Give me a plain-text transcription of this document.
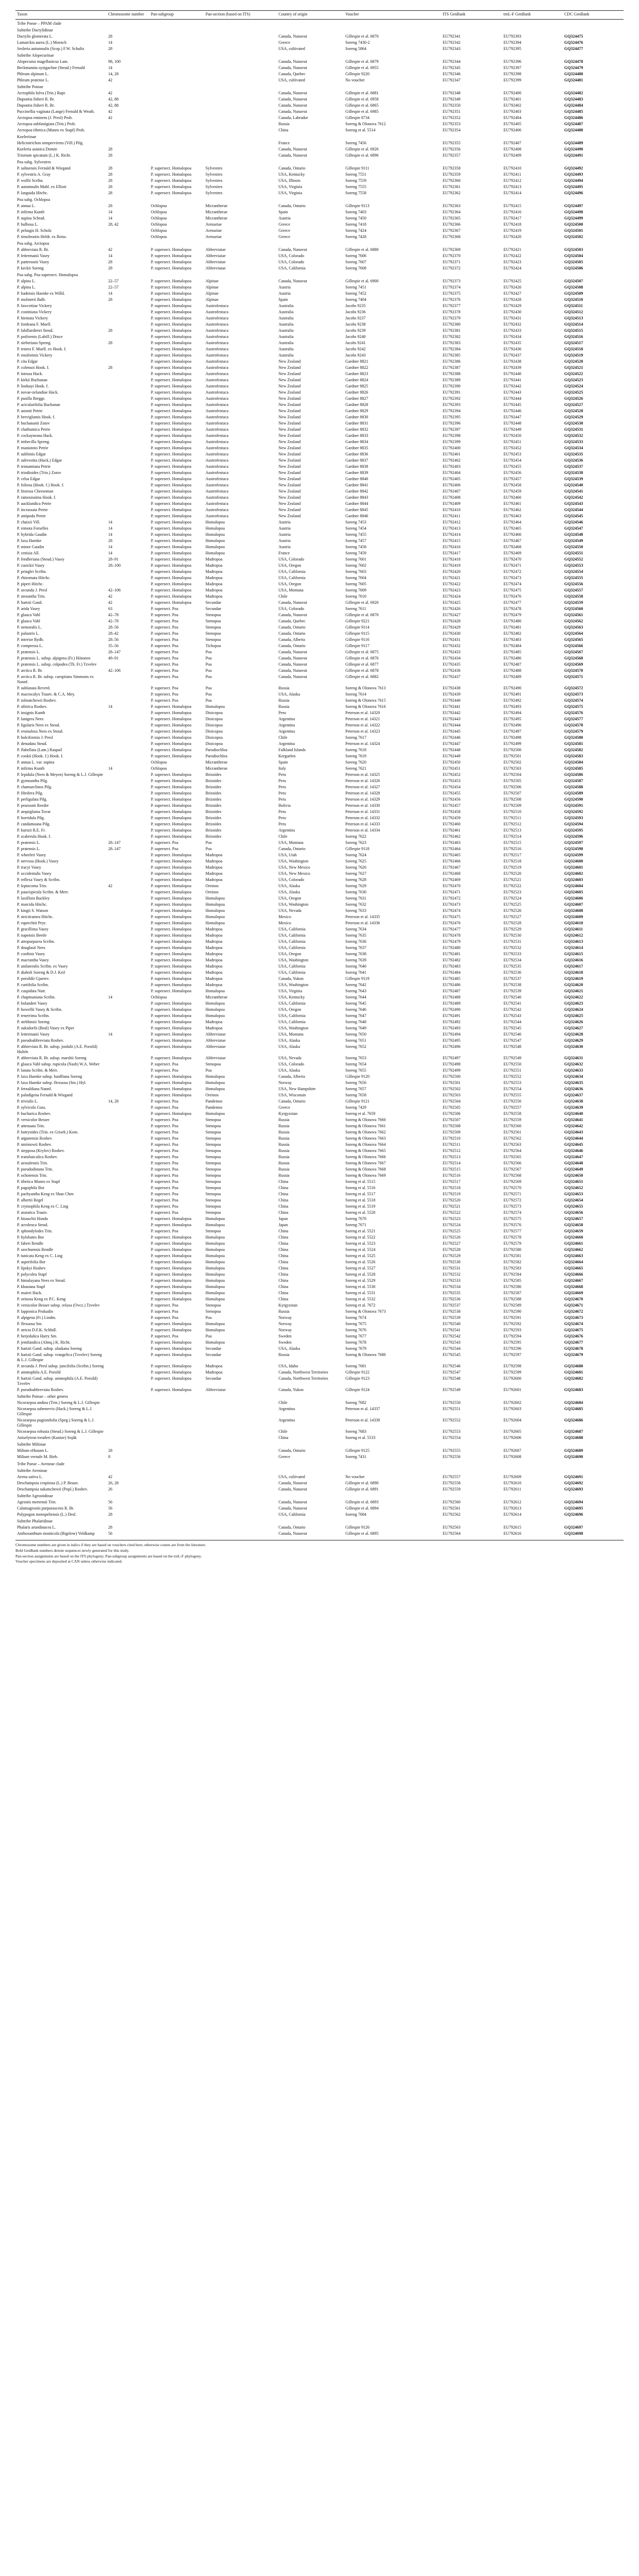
Taxon	Chromosome number	Pan-subgroup	Pan-section (based on ITS)	Country of origin	Voucher	ITS GenBank	trnL-F GenBank	CDC GenBank
Tribe Poeae – PPAM clade								
Subtribe Dactylidinae								
Dactylis glomerata L.	28			Canada, Nunavut	Gillespie et al. 6870	EU792341	EU792393	GQ324475
Lamarckia aurea (L.) Moench	14			Greece	Soreng 7430-2	EU792342	EU792394	GQ324476
Sesleria autumnalis (Scop.) F.W. Schultz	28			USA, cultivated	Soreng 5864	EU792343	EU792395	GQ324477
Subtribe Alopecurinae								
Alopecurus magellanicus Lam.	98, 100			Canada, Nunavut	Gillespie et al. 6879	EU792344	EU792396	GQ324478
Beckmannia syzigachne (Steud.) Fernald	14			Canada, Nunavut	Gillespie et al. 6955	EU792345	EU792397	GQ324479
Phleum alpinum L.	14, 28			Canada, Quebec	Gillespie 9220	EU792346	EU792398	GQ324480
Phleum pratense L.	42			USA, cultivated	No voucher	EU792347	EU792399	GQ324481
Subtribe Poinae								
Arctophila fulva (Trin.) Rupr.	42			Canada, Nunavut	Gillespie et al. 6881	EU792348	EU792400	GQ324482
Dupontia fisheri R. Br.	42, 88			Canada, Nunavut	Gillespie et al. 6958	EU792349	EU792401	GQ324483
Dupontia fisheri R. Br.	42, 88			Canada, Nunavut	Gillespie et al. 6865	EU792350	EU792402	GQ324484
Puccinellia vaginata (Lange) Fernald & Weath.	42			Canada, Nunavut	Gillespie et al. 6985	EU792351	EU792403	GQ324485
Arctopoa eminens (J. Presl) Prob.	42			Canada, Labrador	Gillespie 8734	EU792352	EU792404	GQ324486
Arctopoa subfastigiata (Trin.) Prob.				Russia	Soreng & Olonova 7612	EU792353	EU792405	GQ324487
Arctopoa tibetica (Munro ex Stapf) Prob.				China	Soreng et al. 5514	EU792354	EU792406	GQ324488
Koeleriinae								
Helictotrichon sempervirens (Vill.) Pilg.				France	Soreng 7456	EU792355	EU792407	GQ324489
Koeleria asiatica Domin	28			Canada, Nunavut	Gillespie et al. 6926	EU792356	EU792408	GQ324490
Trisetum spicatum (L.) K. Richt.	28			Canada, Nunavut	Gillespie et al. 6896	EU792357	EU792409	GQ324491
Poa subg. Sylvestres								
P. saltuensis Fernald & Wiegand	28	P. supersect. Homalopoa	Sylvestres	Canada, Ontario	Gillespie 9111	EU792358	EU792410	GQ324492
P. sylvestris A. Gray	28	P. supersect. Homalopoa	Sylvestres	USA, Kentucky	Soreng 7551	EU792359	EU792411	GQ324493
P. wolfii Scribn.	28	P. supersect. Homalopoa	Sylvestres	USA, Illinois	Soreng 7559	EU792360	EU792412	GQ324494
P. autumnalis Muhl. ex Elliott	28	P. supersect. Homalopoa	Sylvestres	USA, Virginia	Soreng 7555	EU792361	EU792413	GQ324495
P. languida Hitchc.	28	P. supersect. Homalopoa	Sylvestres	USA, Virginia	Soreng 7558	EU792362	EU792414	GQ324496
Poa subg. Ochlopoa								
P. annua L.	28	Ochlopoa	Micrantherae	Canada, Ontario	Gillespie 9113	EU792363	EU792415	GQ324497
P. infirma Kunth	14	Ochlopoa	Micrantherae	Spain	Soreng 7403	EU792364	EU792416	GQ324498
P. supina Schrad.	14	Ochlopoa	Micrantherae	Austria	Soreng 7450	EU792365	EU792417	GQ324499
P. bulbosa L.	28, 42	Ochlopoa	Arenariae	Greece	Soreng 7418	EU792366	EU792418	GQ324500
P. pelasgis H. Scholz		Ochlopoa	Arenariae	Greece	Soreng 7424	EU792367	EU792419	GQ324501
P. timoleontis Heldr. ex Boiss.		Ochlopoa	Arenariae	Greece	Soreng 7428	EU792368	EU792420	GQ324502
Poa subg. Arctopoa								
P. abbreviata R. Br.	42	P. supersect. Homalopoa	Abbreviatae	Canada, Nunavut	Gillespie et al. 6880	EU792369	EU792421	GQ324503
P. lettermanii Vasey	14	P. supersect. Homalopoa	Abbreviatae	USA, Colorado	Soreng 7606	EU792370	EU792422	GQ324504
P. pattersonii Vasey	28	P. supersect. Homalopoa	Abbreviatae	USA, Colorado	Soreng 7607	EU792371	EU792423	GQ324505
P. keckii Soreng	28	P. supersect. Homalopoa	Abbreviatae	USA, California	Soreng 7608	EU792372	EU792424	GQ324506
Poa subg. Poa supersect. Homalopoa								
P. alpina L.	22–57	P. supersect. Homalopoa	Alpinae	Canada, Nunavut	Gillespie et al. 6900	EU792373	EU792425	GQ324507
P. alpina L.	22–57	P. supersect. Homalopoa	Alpinae	Austria	Soreng 7451	EU792374	EU792426	GQ324508
P. badensis Haenke ex Willd.	14	P. supersect. Homalopoa	Alpinae	Austria	Soreng 7452	EU792375	EU792427	GQ324509
P. molinerii Balb.	28	P. supersect. Homalopoa	Alpinae	Spain	Soreng 7404	EU792376	EU792428	GQ324510
P. fawcettiae Vickery		P. supersect. Homalopoa	Austrofestuca	Australia	Jacobs 9235	EU792377	EU792429	GQ324511
P. costiniana Vickery		P. supersect. Homalopoa	Austrofestuca	Australia	Jacobs 9236	EU792378	EU792430	GQ324512
P. hiemata Vickery		P. supersect. Homalopoa	Austrofestuca	Australia	Jacobs 9237	EU792379	EU792431	GQ324513
P. fordeana F. Muell.		P. supersect. Homalopoa	Austrofestuca	Australia	Jacobs 9238	EU792380	EU792432	GQ324514
P. labillardierei Steud.	28	P. supersect. Homalopoa	Austrofestuca	Australia	Jacobs 9239	EU792381	EU792433	GQ324515
P. poiformis (Labill.) Druce		P. supersect. Homalopoa	Austrofestuca	Australia	Jacobs 9240	EU792382	EU792434	GQ324516
P. sieberiana Spreng.	28	P. supersect. Homalopoa	Austrofestuca	Australia	Jacobs 9241	EU792383	EU792435	GQ324517
P. tenera F. Muell. ex Hook. f.		P. supersect. Homalopoa	Austrofestuca	Australia	Jacobs 9242	EU792384	EU792436	GQ324518
P. ensiformis Vickery		P. supersect. Homalopoa	Austrofestuca	Australia	Jacobs 9243	EU792385	EU792437	GQ324519
P. cita Edgar		P. supersect. Homalopoa	Austrofestuca	New Zealand	Gardner 8821	EU792386	EU792438	GQ324520
P. colensoi Hook. f.	28	P. supersect. Homalopoa	Austrofestuca	New Zealand	Gardner 8822	EU792387	EU792439	GQ324521
P. intrusa Hack.		P. supersect. Homalopoa	Austrofestuca	New Zealand	Gardner 8823	EU792388	EU792440	GQ324522
P. kirkii Buchanan		P. supersect. Homalopoa	Austrofestuca	New Zealand	Gardner 8824	EU792389	EU792441	GQ324523
P. lindsayi Hook. f.		P. supersect. Homalopoa	Austrofestuca	New Zealand	Gardner 8825	EU792390	EU792442	GQ324524
P. novae-zelandiae Hack.		P. supersect. Homalopoa	Austrofestuca	New Zealand	Gardner 8826	EU792391	EU792443	GQ324525
P. pusilla Berggr.		P. supersect. Homalopoa	Austrofestuca	New Zealand	Gardner 8827	EU792392	EU792444	GQ324526
P. acicularifolia Buchanan		P. supersect. Homalopoa	Austrofestuca	New Zealand	Gardner 8828	EU792393	EU792445	GQ324527
P. astonii Petrie		P. supersect. Homalopoa	Austrofestuca	New Zealand	Gardner 8829	EU792394	EU792446	GQ324528
P. breviglumis Hook. f.		P. supersect. Homalopoa	Austrofestuca	New Zealand	Gardner 8830	EU792395	EU792447	GQ324529
P. buchananii Zotov		P. supersect. Homalopoa	Austrofestuca	New Zealand	Gardner 8831	EU792396	EU792448	GQ324530
P. chathamica Petrie		P. supersect. Homalopoa	Austrofestuca	New Zealand	Gardner 8832	EU792397	EU792449	GQ324531
P. cockayneana Hack.		P. supersect. Homalopoa	Austrofestuca	New Zealand	Gardner 8833	EU792398	EU792450	GQ324532
P. imbecilla Spreng.		P. supersect. Homalopoa	Austrofestuca	New Zealand	Gardner 8834	EU792399	EU792451	GQ324533
P. maniototo Petrie		P. supersect. Homalopoa	Austrofestuca	New Zealand	Gardner 8835	EU792400	EU792452	GQ324534
P. sublimis Edgar		P. supersect. Homalopoa	Austrofestuca	New Zealand	Gardner 8836	EU792401	EU792453	GQ324535
P. subvestita (Hack.) Edgar		P. supersect. Homalopoa	Austrofestuca	New Zealand	Gardner 8837	EU792402	EU792454	GQ324536
P. tennantiana Petrie		P. supersect. Homalopoa	Austrofestuca	New Zealand	Gardner 8838	EU792403	EU792455	GQ324537
P. triodioides (Trin.) Zotov		P. supersect. Homalopoa	Austrofestuca	New Zealand	Gardner 8839	EU792404	EU792456	GQ324538
P. celsa Edgar		P. supersect. Homalopoa	Austrofestuca	New Zealand	Gardner 8840	EU792405	EU792457	GQ324539
P. foliosa (Hook. f.) Hook. f.		P. supersect. Homalopoa	Austrofestuca	New Zealand	Gardner 8841	EU792406	EU792458	GQ324540
P. litorosa Cheeseman		P. supersect. Homalopoa	Austrofestuca	New Zealand	Gardner 8842	EU792407	EU792459	GQ324541
P. ramosissima Hook. f.		P. supersect. Homalopoa	Austrofestuca	New Zealand	Gardner 8843	EU792408	EU792460	GQ324542
P. aucklandica Petrie		P. supersect. Homalopoa	Austrofestuca	New Zealand	Gardner 8844	EU792409	EU792461	GQ324543
P. incrassata Petrie		P. supersect. Homalopoa	Austrofestuca	New Zealand	Gardner 8845	EU792410	EU792462	GQ324544
P. antipoda Petrie		P. supersect. Homalopoa	Austrofestuca	New Zealand	Gardner 8846	EU792411	EU792463	GQ324545
P. chaixii Vill.	14	P. supersect. Homalopoa	Homalopoa	Austria	Soreng 7453	EU792412	EU792464	GQ324546
P. remota Forselles	14	P. supersect. Homalopoa	Homalopoa	Austria	Soreng 7454	EU792413	EU792465	GQ324547
P. hybrida Gaudin	14	P. supersect. Homalopoa	Homalopoa	Austria	Soreng 7455	EU792414	EU792466	GQ324548
P. laxa Haenke	28	P. supersect. Homalopoa	Homalopoa	Austria	Soreng 7457	EU792415	EU792467	GQ324549
P. minor Gaudin	14	P. supersect. Homalopoa	Homalopoa	Austria	Soreng 7458	EU792416	EU792468	GQ324550
P. cenisia All.	14	P. supersect. Homalopoa	Homalopoa	France	Soreng 7459	EU792417	EU792469	GQ324551
P. fendleriana (Steud.) Vasey	28–91	P. supersect. Homalopoa	Madropoa	USA, Colorado	Soreng 7601	EU792418	EU792470	GQ324552
P. cusickii Vasey	28–100	P. supersect. Homalopoa	Madropoa	USA, Oregon	Soreng 7602	EU792419	EU792471	GQ324553
P. pringlei Scribn.		P. supersect. Homalopoa	Madropoa	USA, California	Soreng 7603	EU792420	EU792472	GQ324554
P. rhizomata Hitchc.		P. supersect. Homalopoa	Madropoa	USA, California	Soreng 7604	EU792421	EU792473	GQ324555
P. piperi Hitchc.		P. supersect. Homalopoa	Madropoa	USA, Oregon	Soreng 7605	EU792422	EU792474	GQ324556
P. secunda J. Presl	42–106	P. supersect. Homalopoa	Madropoa	USA, Montana	Soreng 7609	EU792423	EU792475	GQ324557
P. stenantha Trin.	42	P. supersect. Homalopoa	Madropoa	Chile	Soreng 7610	EU792424	EU792476	GQ324558
P. hartzii Gand.	42	P. supersect. Homalopoa	Secundae	Canada, Nunavut	Gillespie et al. 6920	EU792425	EU792477	GQ324559
P. arida Vasey	63	P. supersect. Poa	Secundae	USA, Colorado	Soreng 7611	EU792426	EU792478	GQ324560
P. glauca Vahl	42–78	P. supersect. Poa	Stenopoa	Canada, Nunavut	Gillespie et al. 6870	EU792427	EU792479	GQ324561
P. glauca Vahl	42–78	P. supersect. Poa	Stenopoa	Canada, Quebec	Gillespie 9221	EU792428	EU792480	GQ324562
P. nemoralis L.	28–56	P. supersect. Poa	Stenopoa	Canada, Ontario	Gillespie 9114	EU792429	EU792481	GQ324563
P. palustris L.	28–42	P. supersect. Poa	Stenopoa	Canada, Ontario	Gillespie 9115	EU792430	EU792482	GQ324564
P. interior Rydb.	28–56	P. supersect. Poa	Stenopoa	Canada, Alberta	Gillespie 9116	EU792431	EU792483	GQ324565
P. compressa L.	35–56	P. supersect. Poa	Tichopoa	Canada, Ontario	Gillespie 9117	EU792432	EU792484	GQ324566
P. pratensis L.	28–147	P. supersect. Poa	Poa	Canada, Nunavut	Gillespie et al. 6875	EU792433	EU792485	GQ324567
P. pratensis L. subsp. alpigena (Fr.) Hiitonen	49–91	P. supersect. Poa	Poa	Canada, Nunavut	Gillespie et al. 6876	EU792434	EU792486	GQ324568
P. pratensis L. subsp. colpodea (Th. Fr.) Tzvelev		P. supersect. Poa	Poa	Canada, Nunavut	Gillespie et al. 6877	EU792435	EU792487	GQ324569
P. arctica R. Br.	42–106	P. supersect. Poa	Poa	Canada, Nunavut	Gillespie et al. 6878	EU792436	EU792488	GQ324570
P. arctica R. Br. subsp. caespitans Simmons ex Nannf.		P. supersect. Poa	Poa	Canada, Nunavut	Gillespie et al. 6882	EU792437	EU792489	GQ324571
P. sublanata Reverd.		P. supersect. Poa	Poa	Russia	Soreng & Olonova 7613	EU792438	EU792490	GQ324572
P. macrocalyx Trautv. & C.A. Mey.		P. supersect. Poa	Poa	USA, Alaska	Soreng 7614	EU792439	EU792491	GQ324573
P. tolmatchewii Roshev.		P. supersect. Poa	Poa	Russia	Soreng & Olonova 7615	EU792440	EU792492	GQ324574
P. sibirica Roshev.	14	P. supersect. Homalopoa	Homalopoa	Russia	Soreng & Olonova 7616	EU792441	EU792493	GQ324575
P. insignis Kunth		P. supersect. Homalopoa	Dioicopoa	Peru	Peterson et al. 14320	EU792442	EU792494	GQ324576
P. lanigera Nees		P. supersect. Homalopoa	Dioicopoa	Argentina	Peterson et al. 14321	EU792443	EU792495	GQ324577
P. ligularis Nees ex Steud.		P. supersect. Homalopoa	Dioicopoa	Argentina	Peterson et al. 14322	EU792444	EU792496	GQ324578
P. resinulosa Nees ex Steud.		P. supersect. Homalopoa	Dioicopoa	Argentina	Peterson et al. 14323	EU792445	EU792497	GQ324579
P. holciformis J. Presl		P. supersect. Homalopoa	Dioicopoa	Chile	Soreng 7617	EU792446	EU792498	GQ324580
P. denudata Steud.		P. supersect. Homalopoa	Dioicopoa	Argentina	Peterson et al. 14324	EU792447	EU792499	GQ324581
P. flabellata (Lam.) Raspail		P. supersect. Homalopoa	Parodiochloa	Falkland Islands	Soreng 7618	EU792448	EU792500	GQ324582
P. cookii (Hook. f.) Hook. f.		P. supersect. Homalopoa	Parodiochloa	Kerguelen	Soreng 7619	EU792449	EU792501	GQ324583
P. annua L. var. supina		Ochlopoa	Micrantherae	Spain	Soreng 7620	EU792450	EU792502	GQ324584
P. infirma Kunth	14	Ochlopoa	Micrantherae	Italy	Soreng 7621	EU792451	EU792503	GQ324585
P. lepidula (Nees & Meyen) Soreng & L.J. Gillespie		P. supersect. Homalopoa	Brizoides	Peru	Peterson et al. 14325	EU792452	EU792504	GQ324586
P. gymnantha Pilg.		P. supersect. Homalopoa	Brizoides	Peru	Peterson et al. 14326	EU792453	EU792505	GQ324587
P. chamaeclinos Pilg.		P. supersect. Homalopoa	Brizoides	Peru	Peterson et al. 14327	EU792454	EU792506	GQ324588
P. fibrifera Pilg.		P. supersect. Homalopoa	Brizoides	Peru	Peterson et al. 14328	EU792455	EU792507	GQ324589
P. perligulata Pilg.		P. supersect. Homalopoa	Brizoides	Peru	Peterson et al. 14329	EU792456	EU792508	GQ324590
P. pearsonii Reeder		P. supersect. Homalopoa	Brizoides	Bolivia	Peterson et al. 14330	EU792457	EU792509	GQ324591
P. aequigluma Tovar		P. supersect. Homalopoa	Brizoides	Peru	Peterson et al. 14331	EU792458	EU792510	GQ324592
P. horridula Pilg.		P. supersect. Homalopoa	Brizoides	Peru	Peterson et al. 14332	EU792459	EU792511	GQ324593
P. candamoana Pilg.		P. supersect. Homalopoa	Brizoides	Peru	Peterson et al. 14333	EU792460	EU792512	GQ324594
P. kurtzii R.E. Fr.		P. supersect. Homalopoa	Brizoides	Argentina	Peterson et al. 14334	EU792461	EU792513	GQ324595
P. scaberula Hook. f.		P. supersect. Homalopoa	Brizoides	Chile	Soreng 7622	EU792462	EU792514	GQ324596
P. pratensis L.	28–147	P. supersect. Poa	Poa	USA, Montana	Soreng 7623	EU792463	EU792515	GQ324597
P. pratensis L.	28–147	P. supersect. Poa	Poa	Canada, Ontario	Gillespie 9118	EU792464	EU792516	GQ324598
P. wheeleri Vasey		P. supersect. Homalopoa	Madropoa	USA, Utah	Soreng 7624	EU792465	EU792517	GQ324599
P. nervosa (Hook.) Vasey		P. supersect. Homalopoa	Madropoa	USA, Washington	Soreng 7625	EU792466	EU792518	GQ324600
P. tracyi Vasey		P. supersect. Homalopoa	Madropoa	USA, New Mexico	Soreng 7626	EU792467	EU792519	GQ324601
P. occidentalis Vasey		P. supersect. Homalopoa	Madropoa	USA, New Mexico	Soreng 7627	EU792468	EU792520	GQ324602
P. reflexa Vasey & Scribn.		P. supersect. Homalopoa	Madropoa	USA, Colorado	Soreng 7628	EU792469	EU792521	GQ324603
P. leptocoma Trin.	42	P. supersect. Homalopoa	Oreinos	USA, Alaska	Soreng 7629	EU792470	EU792522	GQ324604
P. paucispicula Scribn. & Merr.		P. supersect. Homalopoa	Oreinos	USA, Alaska	Soreng 7630	EU792471	EU792523	GQ324605
P. laxiflora Buckley		P. supersect. Homalopoa	Homalopoa	USA, Oregon	Soreng 7631	EU792472	EU792524	GQ324606
P. marcida Hitchc.		P. supersect. Homalopoa	Homalopoa	USA, Washington	Soreng 7632	EU792473	EU792525	GQ324607
P. kingii S. Watson		P. supersect. Homalopoa	Homalopoa	USA, Nevada	Soreng 7633	EU792474	EU792526	GQ324608
P. strictiramea Hitchc.		P. supersect. Homalopoa	Homalopoa	Mexico	Peterson et al. 14335	EU792475	EU792527	GQ324609
P. ruprechtii Peyr.		P. supersect. Homalopoa	Homalopoa	Mexico	Peterson et al. 14336	EU792476	EU792528	GQ324610
P. gracillima Vasey		P. supersect. Homalopoa	Madropoa	USA, California	Soreng 7634	EU792477	EU792529	GQ324611
P. napensis Beetle		P. supersect. Homalopoa	Madropoa	USA, California	Soreng 7635	EU792478	EU792530	GQ324612
P. atropurpurea Scribn.		P. supersect. Homalopoa	Madropoa	USA, California	Soreng 7636	EU792479	EU792531	GQ324613
P. douglasii Nees		P. supersect. Homalopoa	Madropoa	USA, California	Soreng 7637	EU792480	EU792532	GQ324614
P. confinis Vasey		P. supersect. Homalopoa	Madropoa	USA, Oregon	Soreng 7638	EU792481	EU792533	GQ324615
P. macrantha Vasey		P. supersect. Homalopoa	Madropoa	USA, Washington	Soreng 7639	EU792482	EU792534	GQ324616
P. unilateralis Scribn. ex Vasey		P. supersect. Homalopoa	Madropoa	USA, California	Soreng 7640	EU792483	EU792535	GQ324617
P. diaboli Soreng & D.J. Keil		P. supersect. Homalopoa	Madropoa	USA, California	Soreng 7641	EU792484	EU792536	GQ324618
P. porsildii Gjaerev.		P. supersect. Homalopoa	Madropoa	Canada, Yukon	Gillespie 9119	EU792485	EU792537	GQ324619
P. curtifolia Scribn.		P. supersect. Homalopoa	Madropoa	USA, Washington	Soreng 7642	EU792486	EU792538	GQ324620
P. cuspidata Nutt.		P. supersect. Homalopoa	Homalopoa	USA, Virginia	Soreng 7643	EU792487	EU792539	GQ324621
P. chapmaniana Scribn.	14	Ochlopoa	Micrantherae	USA, Kentucky	Soreng 7644	EU792488	EU792540	GQ324622
P. bolanderi Vasey		P. supersect. Homalopoa	Homalopoa	USA, California	Soreng 7645	EU792489	EU792541	GQ324623
P. howellii Vasey & Scribn.		P. supersect. Homalopoa	Homalopoa	USA, Oregon	Soreng 7646	EU792490	EU792542	GQ324624
P. tenerrima Scribn.		P. supersect. Homalopoa	Homalopoa	USA, California	Soreng 7647	EU792491	EU792543	GQ324625
P. stebbinsii Soreng		P. supersect. Homalopoa	Madropoa	USA, California	Soreng 7648	EU792492	EU792544	GQ324626
P. suksdorfii (Beal) Vasey ex Piper		P. supersect. Homalopoa	Madropoa	USA, Washington	Soreng 7649	EU792493	EU792545	GQ324627
P. lettermanii Vasey	14	P. supersect. Homalopoa	Abbreviatae	USA, Montana	Soreng 7650	EU792494	EU792546	GQ324628
P. pseudoabbreviata Roshev.		P. supersect. Homalopoa	Abbreviatae	USA, Alaska	Soreng 7651	EU792495	EU792547	GQ324629
P. abbreviata R. Br. subsp. jordalii (A.E. Porsild) Hultén		P. supersect. Homalopoa	Abbreviatae	USA, Alaska	Soreng 7652	EU792496	EU792548	GQ324630
P. abbreviata R. Br. subsp. marshii Soreng		P. supersect. Homalopoa	Abbreviatae	USA, Nevada	Soreng 7653	EU792497	EU792549	GQ324631
P. glauca Vahl subsp. rupicola (Nash) W.A. Weber		P. supersect. Poa	Stenopoa	USA, Colorado	Soreng 7654	EU792498	EU792550	GQ324632
P. lanata Scribn. & Merr.		P. supersect. Poa	Poa	USA, Alaska	Soreng 7655	EU792499	EU792551	GQ324633
P. laxa Haenke subsp. banffiana Soreng		P. supersect. Homalopoa	Homalopoa	Canada, Alberta	Gillespie 9120	EU792500	EU792552	GQ324634
P. laxa Haenke subsp. flexuosa (Sm.) Hyl.		P. supersect. Homalopoa	Homalopoa	Norway	Soreng 7656	EU792501	EU792553	GQ324635
P. fernaldiana Nannf.		P. supersect. Homalopoa	Homalopoa	USA, New Hampshire	Soreng 7657	EU792502	EU792554	GQ324636
P. paludigena Fernald & Wiegand		P. supersect. Homalopoa	Oreinos	USA, Wisconsin	Soreng 7658	EU792503	EU792555	GQ324637
P. trivialis L.	14, 28	P. supersect. Poa	Pandemos	Canada, Ontario	Gillespie 9121	EU792504	EU792556	GQ324638
P. sylvicola Guss.		P. supersect. Poa	Pandemos	Greece	Soreng 7429	EU792505	EU792557	GQ324639
P. bucharica Roshev.		P. supersect. Homalopoa	Homalopoa	Kyrgyzstan	Soreng et al. 7659	EU792506	EU792558	GQ324640
P. versicolor Besser		P. supersect. Poa	Stenopoa	Russia	Soreng & Olonova 7660	EU792507	EU792559	GQ324641
P. attenuata Trin.		P. supersect. Poa	Stenopoa	Russia	Soreng & Olonova 7661	EU792508	EU792560	GQ324642
P. botryoides (Trin. ex Griseb.) Kom.		P. supersect. Poa	Stenopoa	Russia	Soreng & Olonova 7662	EU792509	EU792561	GQ324643
P. argunensis Roshev.		P. supersect. Poa	Stenopoa	Russia	Soreng & Olonova 7663	EU792510	EU792562	GQ324644
P. smirnowii Roshev.		P. supersect. Poa	Stenopoa	Russia	Soreng & Olonova 7664	EU792511	EU792563	GQ324645
P. stepposa (Krylov) Roshev.		P. supersect. Poa	Stenopoa	Russia	Soreng & Olonova 7665	EU792512	EU792564	GQ324646
P. transbaicalica Roshev.		P. supersect. Poa	Stenopoa	Russia	Soreng & Olonova 7666	EU792513	EU792565	GQ324647
P. urssulensis Trin.		P. supersect. Poa	Stenopoa	Russia	Soreng & Olonova 7667	EU792514	EU792566	GQ324648
P. pseudodistans Trin.		P. supersect. Poa	Stenopoa	Russia	Soreng & Olonova 7668	EU792515	EU792567	GQ324649
P. ochotensis Trin.		P. supersect. Poa	Stenopoa	Russia	Soreng & Olonova 7669	EU792516	EU792568	GQ324650
P. tibetica Munro ex Stapf		P. supersect. Poa	Stenopoa	China	Soreng et al. 5515	EU792517	EU792569	GQ324651
P. pagophila Bor		P. supersect. Poa	Stenopoa	China	Soreng et al. 5516	EU792518	EU792570	GQ324652
P. pachyantha Keng ex Shan Chen		P. supersect. Poa	Stenopoa	China	Soreng et al. 5517	EU792519	EU792571	GQ324653
P. albertii Regel		P. supersect. Poa	Stenopoa	China	Soreng et al. 5518	EU792520	EU792572	GQ324654
P. crymophila Keng ex C. Ling		P. supersect. Poa	Stenopoa	China	Soreng et al. 5519	EU792521	EU792573	GQ324655
P. araratica Trautv.		P. supersect. Poa	Stenopoa	China	Soreng et al. 5520	EU792522	EU792574	GQ324656
P. hisauchii Honda		P. supersect. Homalopoa	Homalopoa	Japan	Soreng 7670	EU792523	EU792575	GQ324657
P. acroleuca Steud.		P. supersect. Homalopoa	Homalopoa	Japan	Soreng 7671	EU792524	EU792576	GQ324658
P. sphondylodes Trin.		P. supersect. Poa	Stenopoa	China	Soreng et al. 5521	EU792525	EU792577	GQ324659
P. hylobates Bor		P. supersect. Homalopoa	Homalopoa	China	Soreng et al. 5522	EU792526	EU792578	GQ324660
P. faberi Rendle		P. supersect. Homalopoa	Homalopoa	China	Soreng et al. 5523	EU792527	EU792579	GQ324661
P. szechuensis Rendle		P. supersect. Homalopoa	Homalopoa	China	Soreng et al. 5524	EU792528	EU792580	GQ324662
P. tunicata Keng ex C. Ling		P. supersect. Homalopoa	Homalopoa	China	Soreng et al. 5525	EU792529	EU792581	GQ324663
P. asperifolia Bor		P. supersect. Homalopoa	Homalopoa	China	Soreng et al. 5526	EU792530	EU792582	GQ324664
P. lipskyi Roshev.		P. supersect. Homalopoa	Homalopoa	China	Soreng et al. 5527	EU792531	EU792583	GQ324665
P. polycolea Stapf		P. supersect. Homalopoa	Homalopoa	China	Soreng et al. 5528	EU792532	EU792584	GQ324666
P. himalayana Nees ex Steud.		P. supersect. Homalopoa	Homalopoa	China	Soreng et al. 5529	EU792533	EU792585	GQ324667
P. khasiana Stapf		P. supersect. Homalopoa	Homalopoa	China	Soreng et al. 5530	EU792534	EU792586	GQ324668
P. mairei Hack.		P. supersect. Homalopoa	Homalopoa	China	Soreng et al. 5531	EU792535	EU792587	GQ324669
P. orinosa Keng ex P.C. Keng		P. supersect. Homalopoa	Homalopoa	China	Soreng et al. 5532	EU792536	EU792588	GQ324670
P. versicolor Besser subsp. relaxa (Ovcz.) Tzvelev		P. supersect. Poa	Stenopoa	Kyrgyzstan	Soreng et al. 7672	EU792537	EU792589	GQ324671
P. lapponica Prokudin		P. supersect. Poa	Stenopoa	Russia	Soreng & Olonova 7673	EU792538	EU792590	GQ324672
P. alpigena (Fr.) Lindm.		P. supersect. Poa	Poa	Norway	Soreng 7674	EU792539	EU792591	GQ324673
P. flexuosa Sm.		P. supersect. Homalopoa	Homalopoa	Norway	Soreng 7675	EU792540	EU792592	GQ324674
P. stricta D.F.K. Schltdl.		P. supersect. Homalopoa	Homalopoa	Norway	Soreng 7676	EU792541	EU792593	GQ324675
P. herjedalica Harry Sm.		P. supersect. Poa	Poa	Sweden	Soreng 7677	EU792542	EU792594	GQ324676
P. jemtlandica (Almq.) K. Richt.		P. supersect. Homalopoa	Homalopoa	Sweden	Soreng 7678	EU792543	EU792595	GQ324677
P. hartzii Gand. subsp. alaskana Soreng		P. supersect. Homalopoa	Secundae	USA, Alaska	Soreng 7679	EU792544	EU792596	GQ324678
P. hartzii Gand. subsp. vrangelica (Tzvelev) Soreng & L.J. Gillespie		P. supersect. Homalopoa	Secundae	Russia	Soreng & Olonova 7680	EU792545	EU792597	GQ324679
P. secunda J. Presl subsp. juncifolia (Scribn.) Soreng		P. supersect. Homalopoa	Madropoa	USA, Idaho	Soreng 7681	EU792546	EU792598	GQ324680
P. ammophila A.E. Porsild		P. supersect. Homalopoa	Madropoa	Canada, Northwest Territories	Gillespie 9122	EU792547	EU792599	GQ324681
P. hartzii Gand. subsp. ammophila (A.E. Porsild) Tzvelev		P. supersect. Homalopoa	Secundae	Canada, Northwest Territories	Gillespie 9123	EU792548	EU792600	GQ324682
P. pseudoabbreviata Roshev.		P. supersect. Homalopoa	Abbreviatae	Canada, Yukon	Gillespie 9124	EU792549	EU792601	GQ324683
Subtribe Poinae – other genera								
Nicoraepoa andina (Trin.) Soreng & L.J. Gillespie				Chile	Soreng 7682	EU792550	EU792602	GQ324684
Nicoraepoa subenervis (Hack.) Soreng & L.J. Gillespie				Argentina	Peterson et al. 14337	EU792551	EU792603	GQ324685
Nicoraepoa pugionifolia (Speg.) Soreng & L.J. Gillespie				Argentina	Peterson et al. 14338	EU792552	EU792604	GQ324686
Nicoraepoa robusta (Steud.) Soreng & L.J. Gillespie				Chile	Soreng 7683	EU792553	EU792605	GQ324687
Aniselytron treutleri (Kuntze) Soják				China	Soreng et al. 5533	EU792554	EU792606	GQ324688
Subtribe Miliinae								
Milium effusum L.	28			Canada, Ontario	Gillespie 9125	EU792555	EU792607	GQ324689
Milium vernale M. Bieb.	8			Greece	Soreng 7431	EU792556	EU792608	GQ324690
Tribe Poeae – Aveneae clade								
Subtribe Aveninae								
Avena sativa L.	42			USA, cultivated	No voucher	EU792557	EU792609	GQ324691
Deschampsia cespitosa (L.) P. Beauv.	26, 28			Canada, Nunavut	Gillespie et al. 6890	EU792558	EU792610	GQ324692
Deschampsia sukatschewii (Popl.) Roshev.	26			Canada, Nunavut	Gillespie et al. 6891	EU792559	EU792611	GQ324693
Subtribe Agrostidinae								
Agrostis mertensii Trin.	56			Canada, Nunavut	Gillespie et al. 6893	EU792560	EU792612	GQ324694
Calamagrostis purpurascens R. Br.	56			Canada, Nunavut	Gillespie et al. 6894	EU792561	EU792613	GQ324695
Polypogon monspeliensis (L.) Desf.	28			USA, California	Soreng 7684	EU792562	EU792614	GQ324696
Subtribe Phalaridinae								
Phalaris arundinacea L.	28			Canada, Ontario	Gillespie 9126	EU792563	EU792615	GQ324697
Anthoxanthum monticola (Bigelow) Veldkamp	56			Canada, Nunavut	Gillespie et al. 6895	EU792564	EU792616	GQ324698

Chromosome numbers are given in italics if they are based on vouchers cited here; otherwise counts are from the literature.

Bold GenBank numbers denote sequences newly generated for this study.

Pan-section assignments are based on the ITS phylogeny; Pan-subgroup assignments are based on the trnL-F phylogeny.

Voucher specimens are deposited at CAN unless otherwise indicated.
